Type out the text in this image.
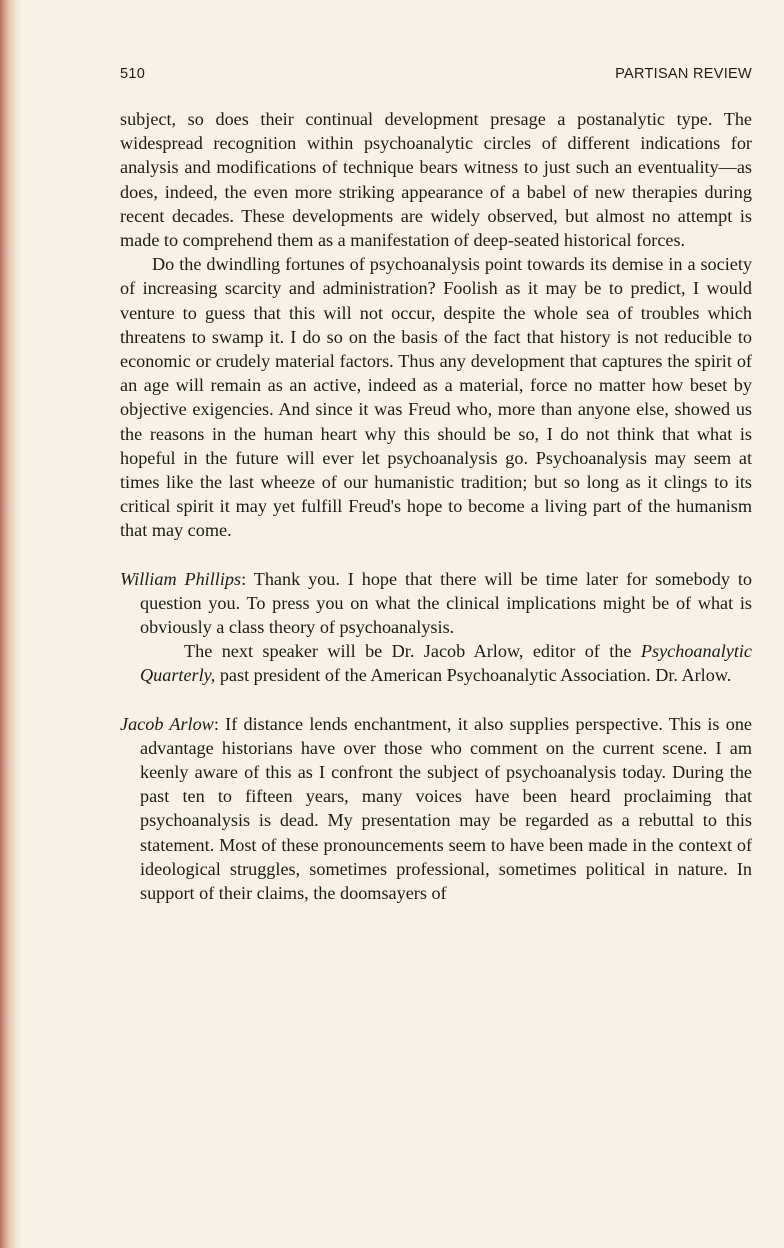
510	PARTISAN REVIEW

subject, so does their continual development presage a postanalytic type. The widespread recognition within psychoanalytic circles of different indications for analysis and modifications of technique bears witness to just such an eventuality—as does, indeed, the even more striking appearance of a babel of new therapies during recent decades. These developments are widely observed, but almost no attempt is made to comprehend them as a manifestation of deep-seated historical forces.

Do the dwindling fortunes of psychoanalysis point towards its demise in a society of increasing scarcity and administration? Foolish as it may be to predict, I would venture to guess that this will not occur, despite the whole sea of troubles which threatens to swamp it. I do so on the basis of the fact that history is not reducible to economic or crudely material factors. Thus any development that captures the spirit of an age will remain as an active, indeed as a material, force no matter how beset by objective exigencies. And since it was Freud who, more than anyone else, showed us the reasons in the human heart why this should be so, I do not think that what is hopeful in the future will ever let psychoanalysis go. Psychoanalysis may seem at times like the last wheeze of our humanistic tradition; but so long as it clings to its critical spirit it may yet fulfill Freud's hope to become a living part of the humanism that may come.

William Phillips: Thank you. I hope that there will be time later for somebody to question you. To press you on what the clinical implications might be of what is obviously a class theory of psychoanalysis.

The next speaker will be Dr. Jacob Arlow, editor of the Psychoanalytic Quarterly, past president of the American Psychoanalytic Association. Dr. Arlow.

Jacob Arlow: If distance lends enchantment, it also supplies perspective. This is one advantage historians have over those who comment on the current scene. I am keenly aware of this as I confront the subject of psychoanalysis today. During the past ten to fifteen years, many voices have been heard proclaiming that psychoanalysis is dead. My presentation may be regarded as a rebuttal to this statement. Most of these pronouncements seem to have been made in the context of ideological struggles, sometimes professional, sometimes political in nature. In support of their claims, the doomsayers of
